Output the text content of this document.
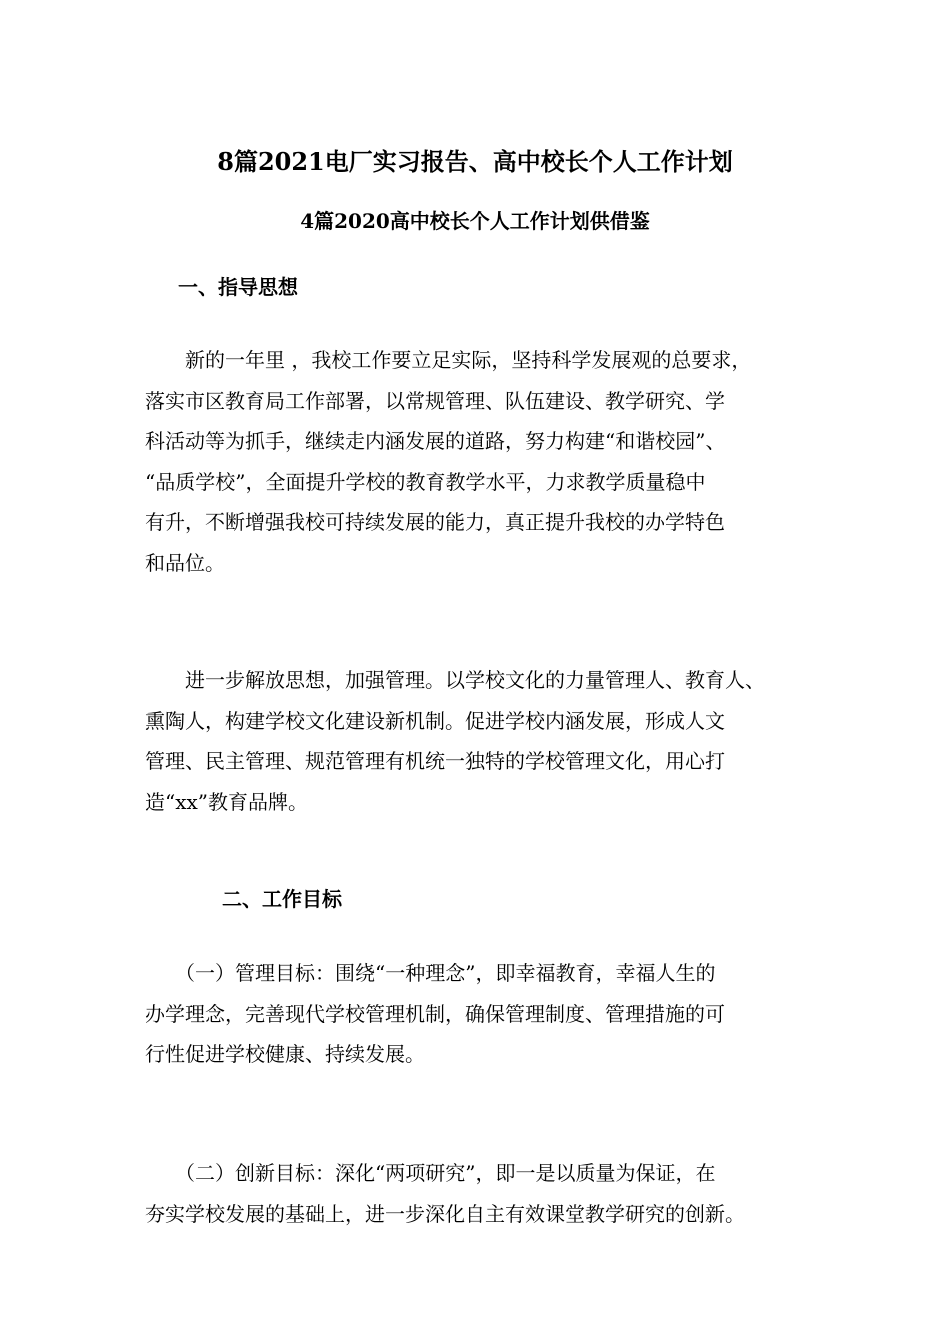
8篇2021电厂实习报告、高中校长个人工作计划
4篇2020高中校长个人工作计划供借鉴
一、指导思想
　　新的一年里 ，我校工作要立足实际，坚持科学发展观的总要求，
落实市区教育局工作部署，以常规管理、队伍建设、教学研究、学
科活动等为抓手，继续走内涵发展的道路，努力构建“和谐校园”、
“品质学校”，全面提升学校的教育教学水平，力求教学质量稳中
有升，不断增强我校可持续发展的能力，真正提升我校的办学特色
和品位。
　　进一步解放思想，加强管理。以学校文化的力量管理人、教育人、
熏陶人，构建学校文化建设新机制。促进学校内涵发展，形成人文
管理、民主管理、规范管理有机统一独特的学校管理文化，用心打
造“xx”教育品牌。
二、工作目标
　　（一）管理目标：围绕“一种理念”，即幸福教育，幸福人生的
办学理念，完善现代学校管理机制，确保管理制度、管理措施的可
行性促进学校健康、持续发展。
　　（二）创新目标：深化“两项研究”，即一是以质量为保证，在
夯实学校发展的基础上，进一步深化自主有效课堂教学研究的创新。
